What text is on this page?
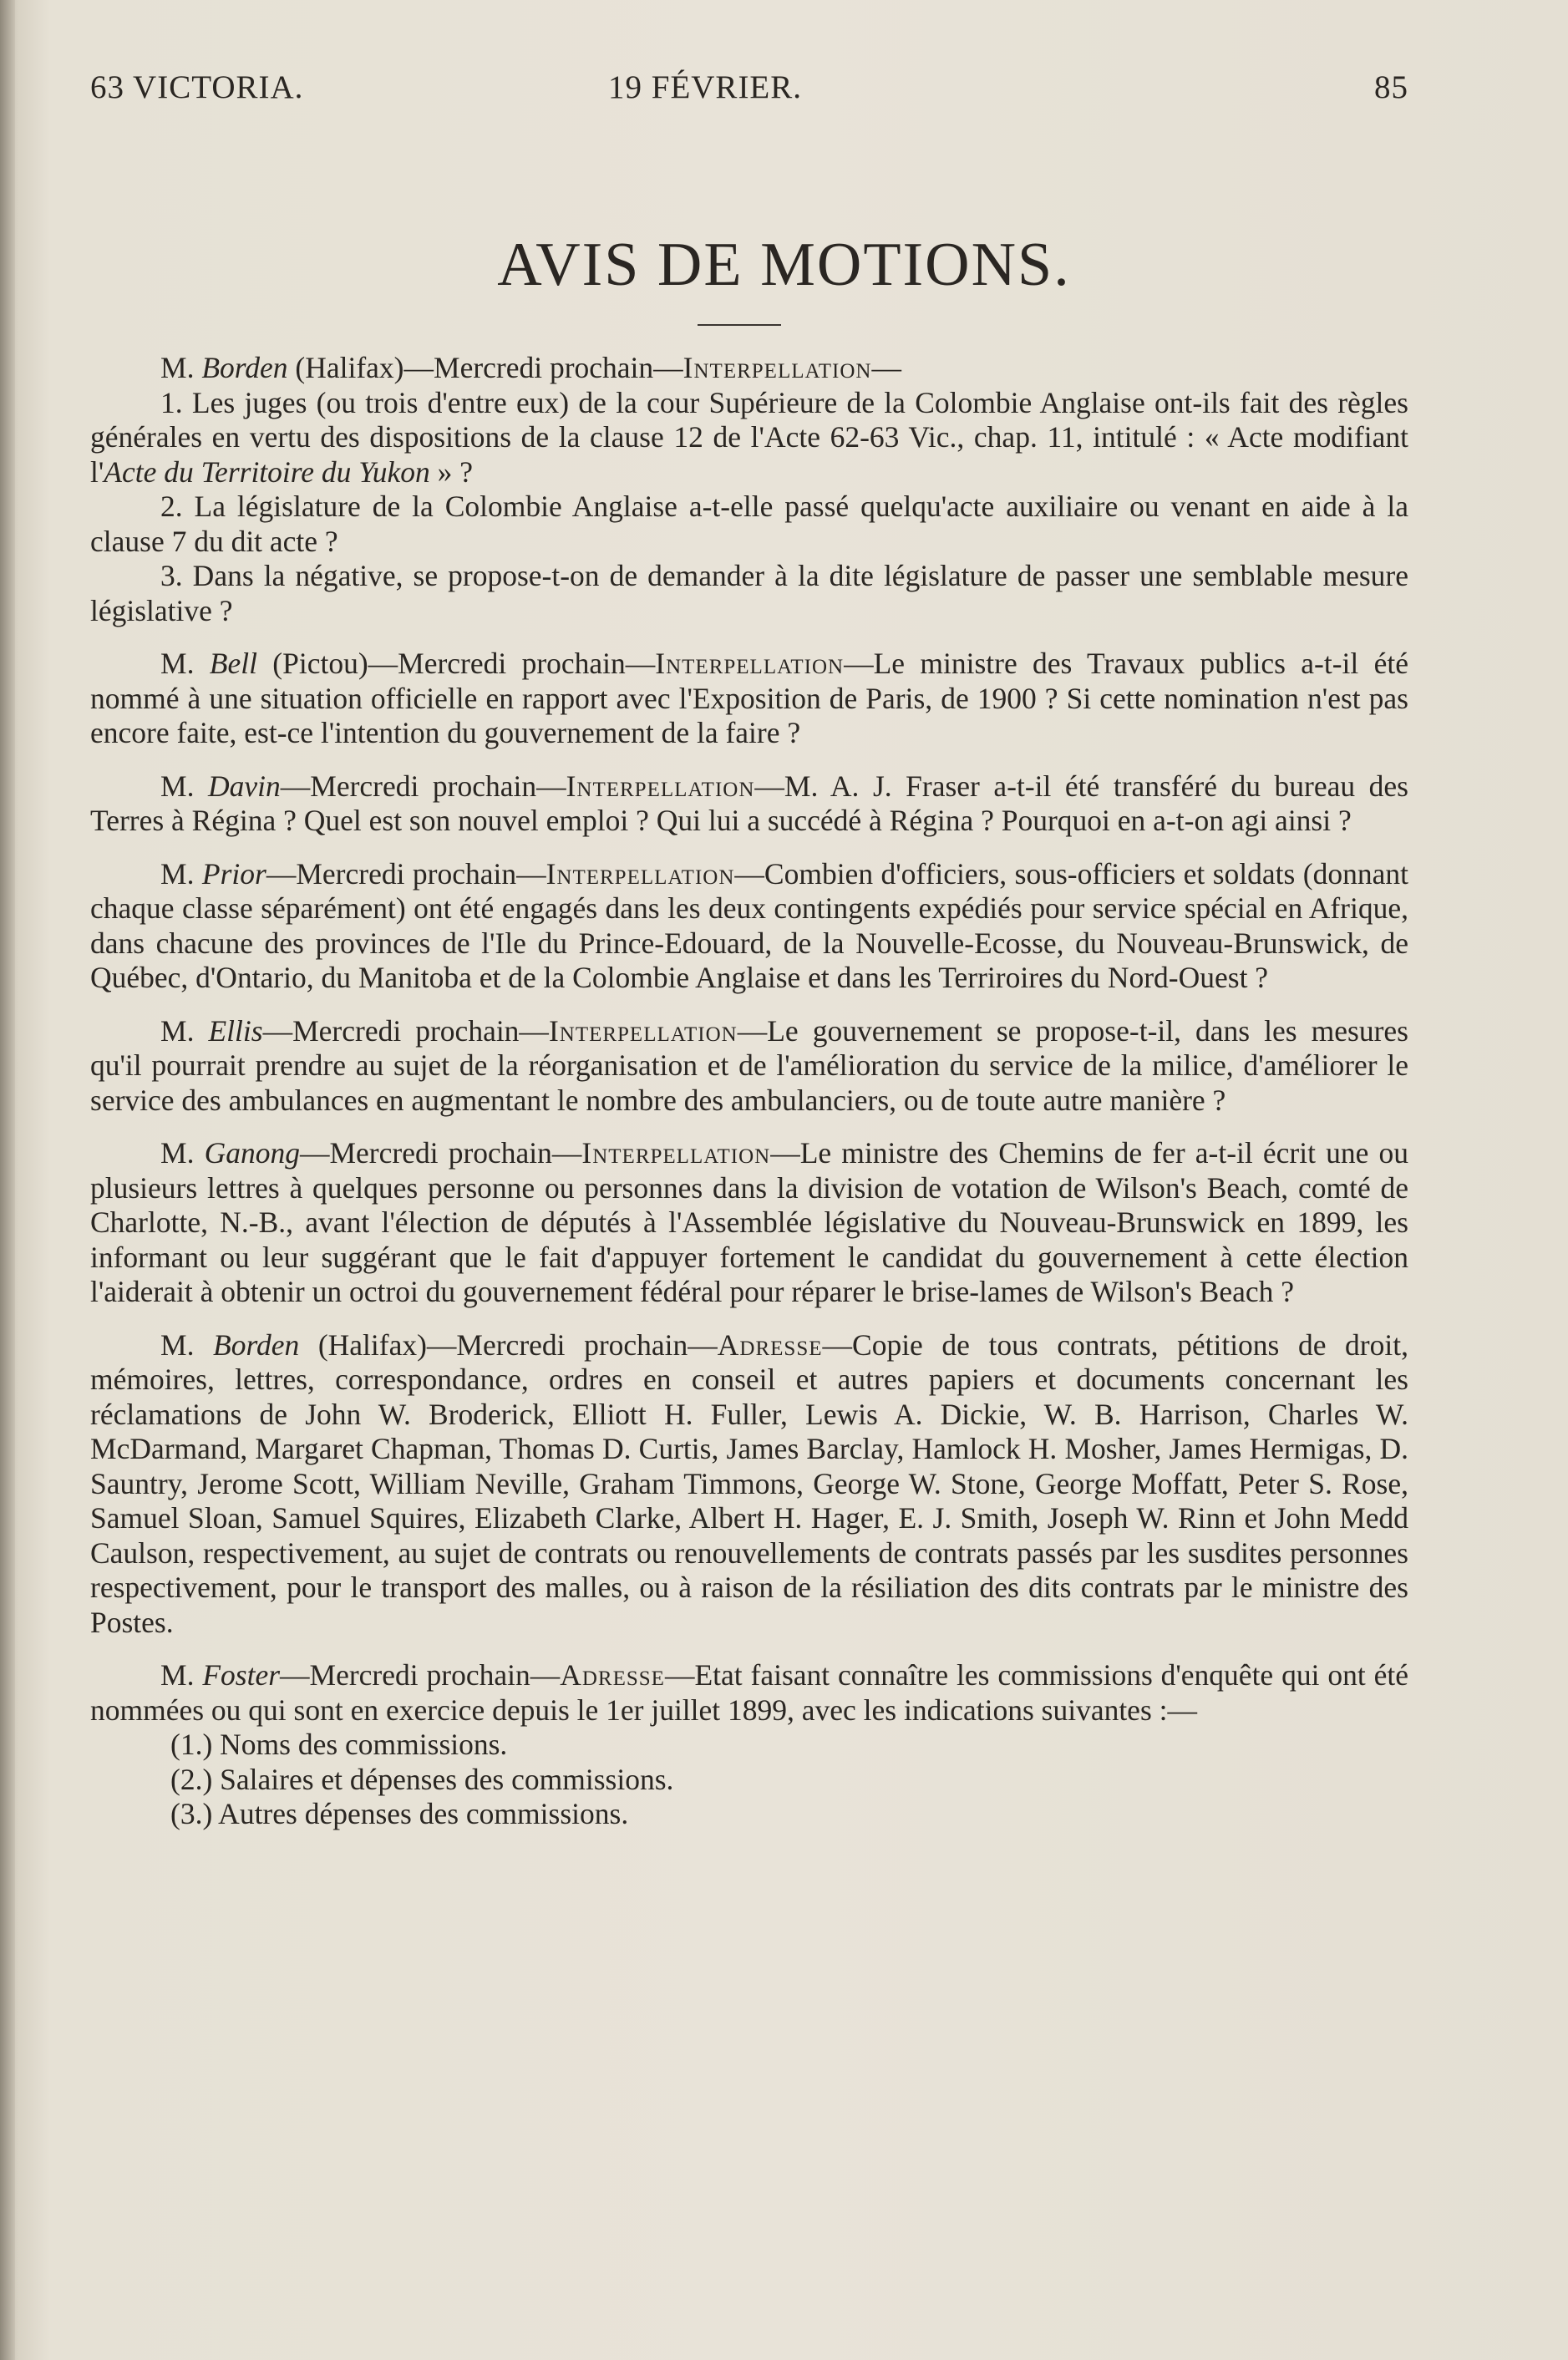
63 VICTORIA.	19 FÉVRIER.	85
AVIS DE MOTIONS.

M. Borden (Halifax)—Mercredi prochain—Interpellation—

1. Les juges (ou trois d'entre eux) de la cour Supérieure de la Colombie Anglaise ont-ils fait des règles générales en vertu des dispositions de la clause 12 de l'Acte 62-63 Vic., chap. 11, intitulé : « Acte modifiant l'Acte du Territoire du Yukon » ?

2. La législature de la Colombie Anglaise a-t-elle passé quelqu'acte auxiliaire ou venant en aide à la clause 7 du dit acte ?

3. Dans la négative, se propose-t-on de demander à la dite législature de passer une semblable mesure législative ?

M. Bell (Pictou)—Mercredi prochain—Interpellation—Le ministre des Travaux publics a-t-il été nommé à une situation officielle en rapport avec l'Exposition de Paris, de 1900 ? Si cette nomination n'est pas encore faite, est-ce l'intention du gouvernement de la faire ?

M. Davin—Mercredi prochain—Interpellation—M. A. J. Fraser a-t-il été transféré du bureau des Terres à Régina ? Quel est son nouvel emploi ? Qui lui a succédé à Régina ? Pourquoi en a-t-on agi ainsi ?

M. Prior—Mercredi prochain—Interpellation—Combien d'officiers, sous-officiers et soldats (donnant chaque classe séparément) ont été engagés dans les deux contingents expédiés pour service spécial en Afrique, dans chacune des provinces de l'Ile du Prince-Edouard, de la Nouvelle-Ecosse, du Nouveau-Brunswick, de Québec, d'Ontario, du Manitoba et de la Colombie Anglaise et dans les Terriroires du Nord-Ouest ?

M. Ellis—Mercredi prochain—Interpellation—Le gouvernement se propose-t-il, dans les mesures qu'il pourrait prendre au sujet de la réorganisation et de l'amélioration du service de la milice, d'améliorer le service des ambulances en augmentant le nombre des ambulanciers, ou de toute autre manière ?

M. Ganong—Mercredi prochain—Interpellation—Le ministre des Chemins de fer a-t-il écrit une ou plusieurs lettres à quelques personne ou personnes dans la division de votation de Wilson's Beach, comté de Charlotte, N.-B., avant l'élection de députés à l'Assemblée législative du Nouveau-Brunswick en 1899, les informant ou leur suggérant que le fait d'appuyer fortement le candidat du gouvernement à cette élection l'aiderait à obtenir un octroi du gouvernement fédéral pour réparer le brise-lames de Wilson's Beach ?

M. Borden (Halifax)—Mercredi prochain—Adresse—Copie de tous contrats, pétitions de droit, mémoires, lettres, correspondance, ordres en conseil et autres papiers et documents concernant les réclamations de John W. Broderick, Elliott H. Fuller, Lewis A. Dickie, W. B. Harrison, Charles W. McDarmand, Margaret Chapman, Thomas D. Curtis, James Barclay, Hamlock H. Mosher, James Hermigas, D. Sauntry, Jerome Scott, William Neville, Graham Timmons, George W. Stone, George Moffatt, Peter S. Rose, Samuel Sloan, Samuel Squires, Elizabeth Clarke, Albert H. Hager, E. J. Smith, Joseph W. Rinn et John Medd Caulson, respectivement, au sujet de contrats ou renouvellements de contrats passés par les susdites personnes respectivement, pour le transport des malles, ou à raison de la résiliation des dits contrats par le ministre des Postes.

M. Foster—Mercredi prochain—Adresse—Etat faisant connaître les commissions d'enquête qui ont été nommées ou qui sont en exercice depuis le 1er juillet 1899, avec les indications suivantes :—

(1.) Noms des commissions.

(2.) Salaires et dépenses des commissions.

(3.) Autres dépenses des commissions.
